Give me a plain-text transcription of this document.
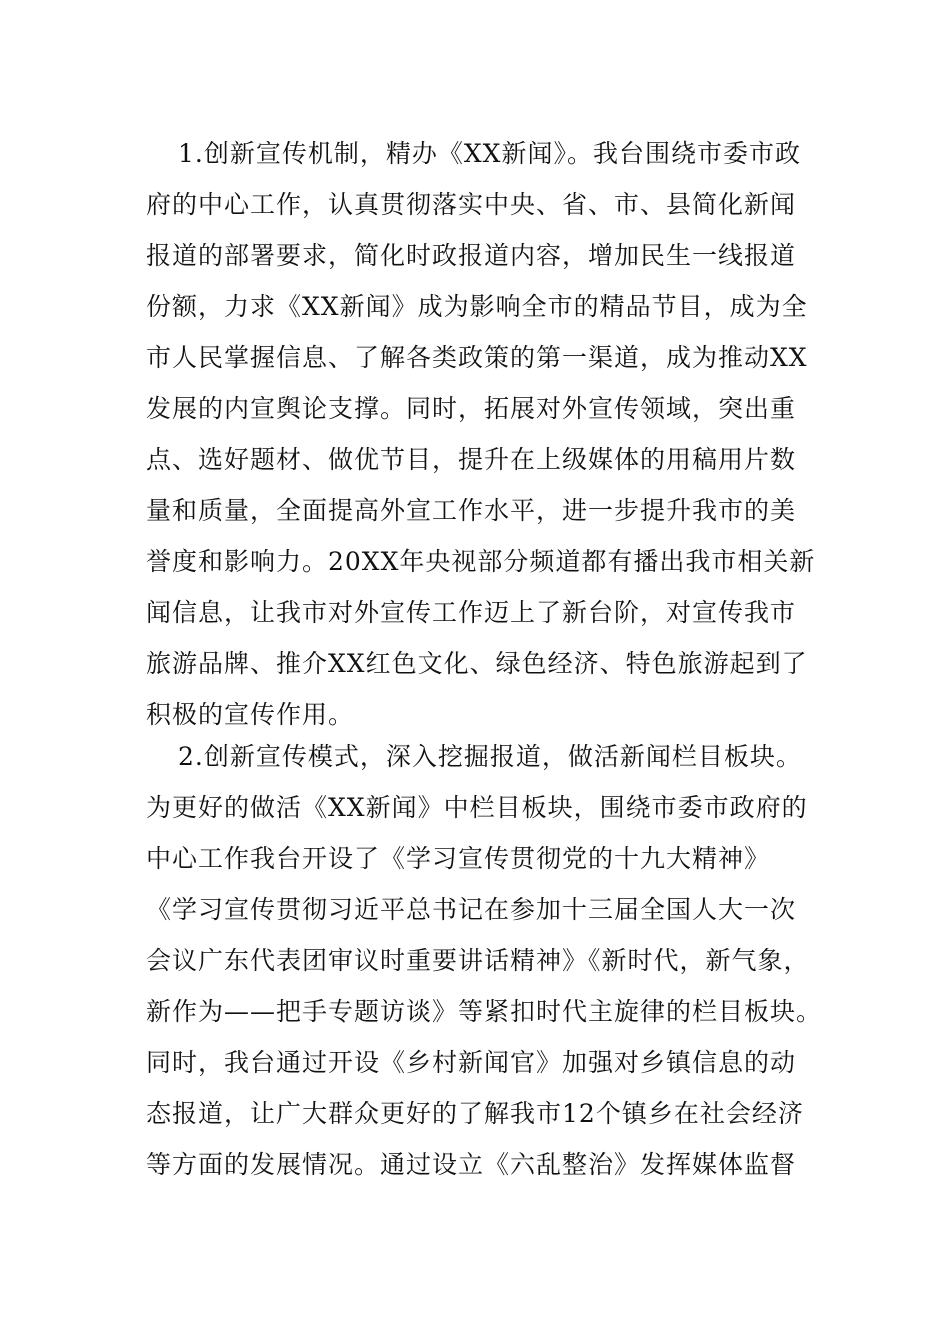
1.创新宣传机制，精办《XX新闻》。我台围绕市委市政
府的中心工作，认真贯彻落实中央、省、市、县简化新闻
报道的部署要求，简化时政报道内容，增加民生一线报道
份额，力求《XX新闻》成为影响全市的精品节目，成为全
市人民掌握信息、了解各类政策的第一渠道，成为推动XX
发展的内宣舆论支撑。同时，拓展对外宣传领域，突出重
点、选好题材、做优节目，提升在上级媒体的用稿用片数
量和质量，全面提高外宣工作水平，进一步提升我市的美
誉度和影响力。20XX年央视部分频道都有播出我市相关新
闻信息，让我市对外宣传工作迈上了新台阶，对宣传我市
旅游品牌、推介XX红色文化、绿色经济、特色旅游起到了
积极的宣传作用。
2.创新宣传模式，深入挖掘报道，做活新闻栏目板块。
为更好的做活《XX新闻》中栏目板块，围绕市委市政府的
中心工作我台开设了《学习宣传贯彻党的十九大精神》
《学习宣传贯彻习近平总书记在参加十三届全国人大一次
会议广东代表团审议时重要讲话精神》《新时代，新气象，
新作为——把手专题访谈》等紧扣时代主旋律的栏目板块。
同时，我台通过开设《乡村新闻官》加强对乡镇信息的动
态报道，让广大群众更好的了解我市12个镇乡在社会经济
等方面的发展情况。通过设立《六乱整治》发挥媒体监督
